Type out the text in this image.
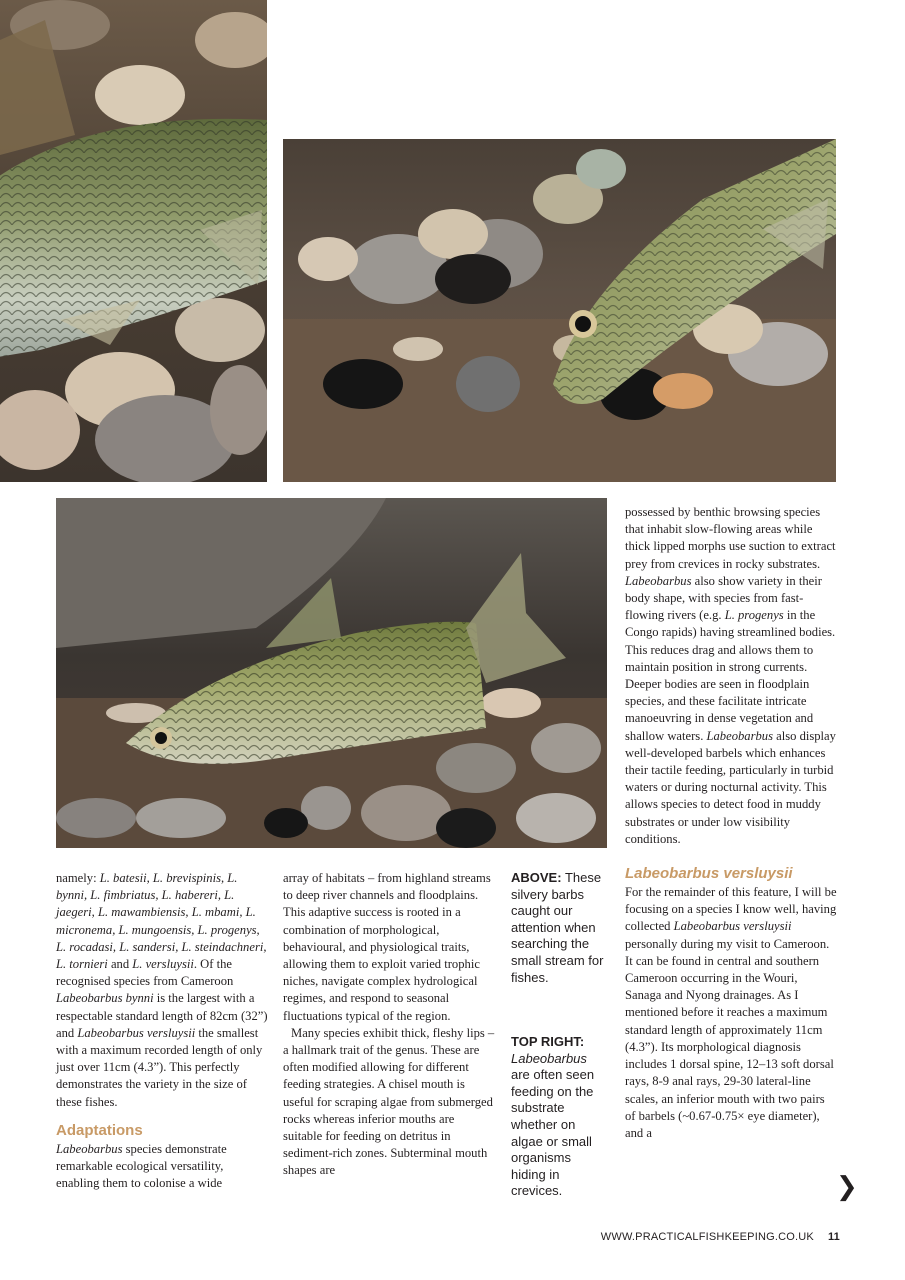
namely: L. batesii, L. brevispinis, L. bynni, L. fimbriatus, L. habereri, L. jaegeri, L. mawambiensis, L. mbami, L. micronema, L. mungoensis, L. progenys, L. rocadasi, L. sandersi, L. steindachneri, L. tornieri and L. versluysii. Of the recognised species from Cameroon Labeobarbus bynni is the largest with a respectable standard length of 82cm (32”) and Labeobarbus versluysii the smallest with a maximum recorded length of only just over 11cm (4.3”). This perfectly demonstrates the variety in the size of these fishes.

Adaptations

Labeobarbus species demonstrate remarkable ecological versatility, enabling them to colonise a wide

array of habitats – from highland streams to deep river channels and floodplains. This adaptive success is rooted in a combination of morphological, behavioural, and physiological traits, allowing them to exploit varied trophic niches, navigate complex hydrological regimes, and respond to seasonal fluctuations typical of the region.

Many species exhibit thick, fleshy lips – a hallmark trait of the genus. These are often modified allowing for different feeding strategies. A chisel mouth is useful for scraping algae from submerged rocks whereas inferior mouths are suitable for feeding on detritus in sediment-rich zones. Subterminal mouth shapes are

ABOVE: These silvery barbs caught our attention when searching the small stream for fishes.
TOP RIGHT:
Labeobarbus are often seen feeding on the substrate whether on algae or small organisms hiding in crevices.

possessed by benthic browsing species that inhabit slow-flowing areas while thick lipped morphs use suction to extract prey from crevices in rocky substrates. Labeobarbus also show variety in their body shape, with species from fast-flowing rivers (e.g. L. progenys in the Congo rapids) having streamlined bodies. This reduces drag and allows them to maintain position in strong currents. Deeper bodies are seen in floodplain species, and these facilitate intricate manoeuvring in dense vegetation and shallow waters. Labeobarbus also display well-developed barbels which enhances their tactile feeding, particularly in turbid waters or during nocturnal activity. This allows species to detect food in muddy substrates or under low visibility conditions.

Labeobarbus versluysii

For the remainder of this feature, I will be focusing on a species I know well, having collected Labeobarbus versluysii personally during my visit to Cameroon. It can be found in central and southern Cameroon occurring in the Wouri, Sanaga and Nyong drainages. As I mentioned before it reaches a maximum standard length of approximately 11cm (4.3”). Its morphological diagnosis includes 1 dorsal spine, 12–13 soft dorsal rays, 8-9 anal rays, 29-30 lateral-line scales, an inferior mouth with two pairs of barbels (~0.67-0.75× eye diameter), and a

❯
WWW.PRACTICALFISHKEEPING.CO.UK 11
